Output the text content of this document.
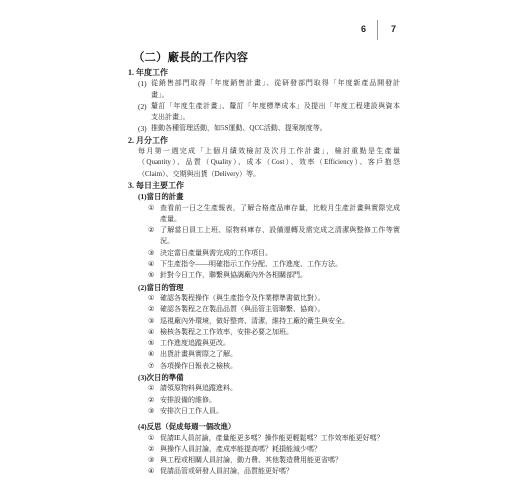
6	7
（二）廠長的工作內容
1. 年度工作
(1) 從銷售部門取得「年度銷售計畫」、從研發部門取得「年度新產品開發計
畫」。
(2) 釐訂「年度生產計畫」、釐訂「年度標準成本」及提出「年度工程建設與資本
支出計畫」。
(3) 推動各種管理活動，如5S運動、QCC活動、提案制度等。
2. 月分工作
每月第一週完成「上個月績效檢討及次月工作計畫」，檢討重點是生產量
（Quantity）、品質（Quality）、成本（Cost）、效率（Efficiency）、客戶抱怨
（Claim）、交期與出貨（Delivery）等。
3. 每日主要工作
(1)當日的計畫
① 查看前一日之生產報表，了解合格產品庫存量，比較月生產計畫與實際完成
產量。
② 了解當日員工上班、原物料庫存、設備運轉及需完成之清潔與整修工作等實
況。
③ 決定當日產量與需完成的工作項目。
④ 下生產指令——明確指示工作分配、工作進度、工作方法。
⑤ 針對今日工作，聯繫與協調廠內外各相關部門。
(2)當日的管理
① 確認各製程操作（與生產指令及作業標準書做比對）。
② 確認各製程之在製品品質（與品管主管聯繫、協商）。
③ 巡視廠內外環境，做好整齊、清潔，維持工廠的衛生與安全。
④ 檢核各製程之工作效率，安排必要之加班。
⑤ 工作進度追蹤與更改。
⑥ 出貨計畫與實際之了解。
⑦ 各項操作日報表之檢核。
(3)次日的準備
① 請領原物料與追蹤進料。
② 安排設備的維修。
③ 安排次日工作人員。
(4)反思（促成每週一個改進）
① 促請IE人員討論，產量能更多嗎？操作能更輕鬆嗎？工作效率能更好嗎？
② 與操作人員討論，產成率能提高嗎？耗損能減少嗎？
③ 與工程或相關人員討論，動力費、其他製造費用能更省嗎？
④ 促請品管或研發人員討論，品質能更好嗎？
